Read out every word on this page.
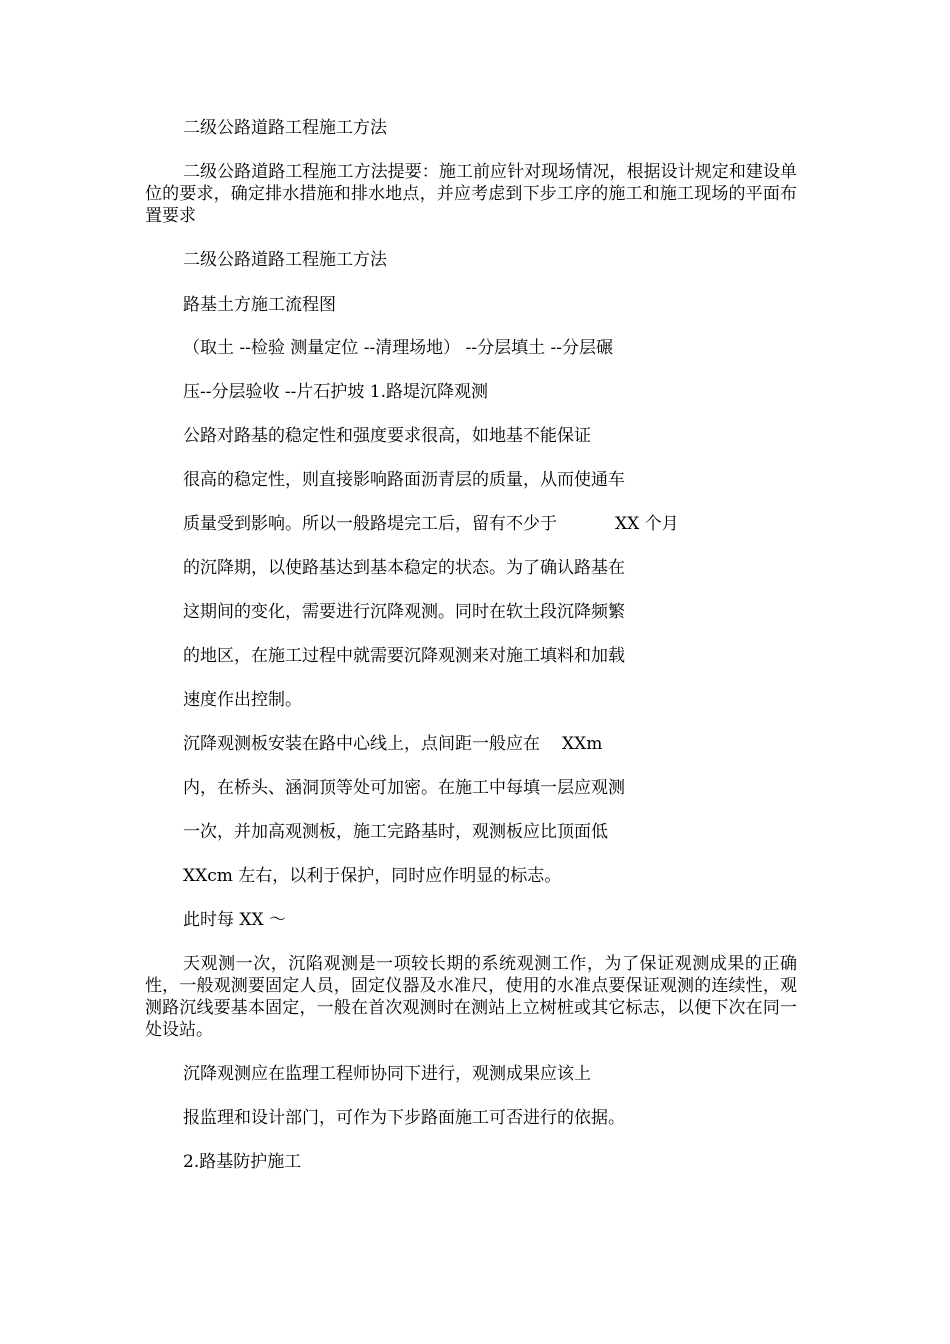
二级公路道路工程施工方法
二级公路道路工程施工方法提要：施工前应针对现场情况，根据设计规定和建设单位的要求，确定排水措施和排水地点，并应考虑到下步工序的施工和施工现场的平面布置要求
二级公路道路工程施工方法
路基土方施工流程图
（取土 --检验 测量定位 --清理场地） --分层填土 --分层碾
压--分层验收 --片石护坡 1.路堤沉降观测
公路对路基的稳定性和强度要求很高，如地基不能保证
很高的稳定性，则直接影响路面沥青层的质量，从而使通车
质量受到影响。所以一般路堤完工后，留有不少于	XX 个月
的沉降期，以使路基达到基本稳定的状态。为了确认路基在
这期间的变化，需要进行沉降观测。同时在软土段沉降频繁
的地区，在施工过程中就需要沉降观测来对施工填料和加载
速度作出控制。
沉降观测板安装在路中心线上，点间距一般应在 XXm
内，在桥头、涵洞顶等处可加密。在施工中每填一层应观测
一次，并加高观测板，施工完路基时，观测板应比顶面低
XXcm 左右，以利于保护，同时应作明显的标志。
此时每 XX ～
天观测一次，沉陷观测是一项较长期的系统观测工作，为了保证观测成果的正确性，一般观测要固定人员，固定仪器及水准尺，使用的水准点要保证观测的连续性，观测路沉线要基本固定，一般在首次观测时在测站上立树桩或其它标志，以便下次在同一处设站。
沉降观测应在监理工程师协同下进行，观测成果应该上
报监理和设计部门，可作为下步路面施工可否进行的依据。
2.路基防护施工
